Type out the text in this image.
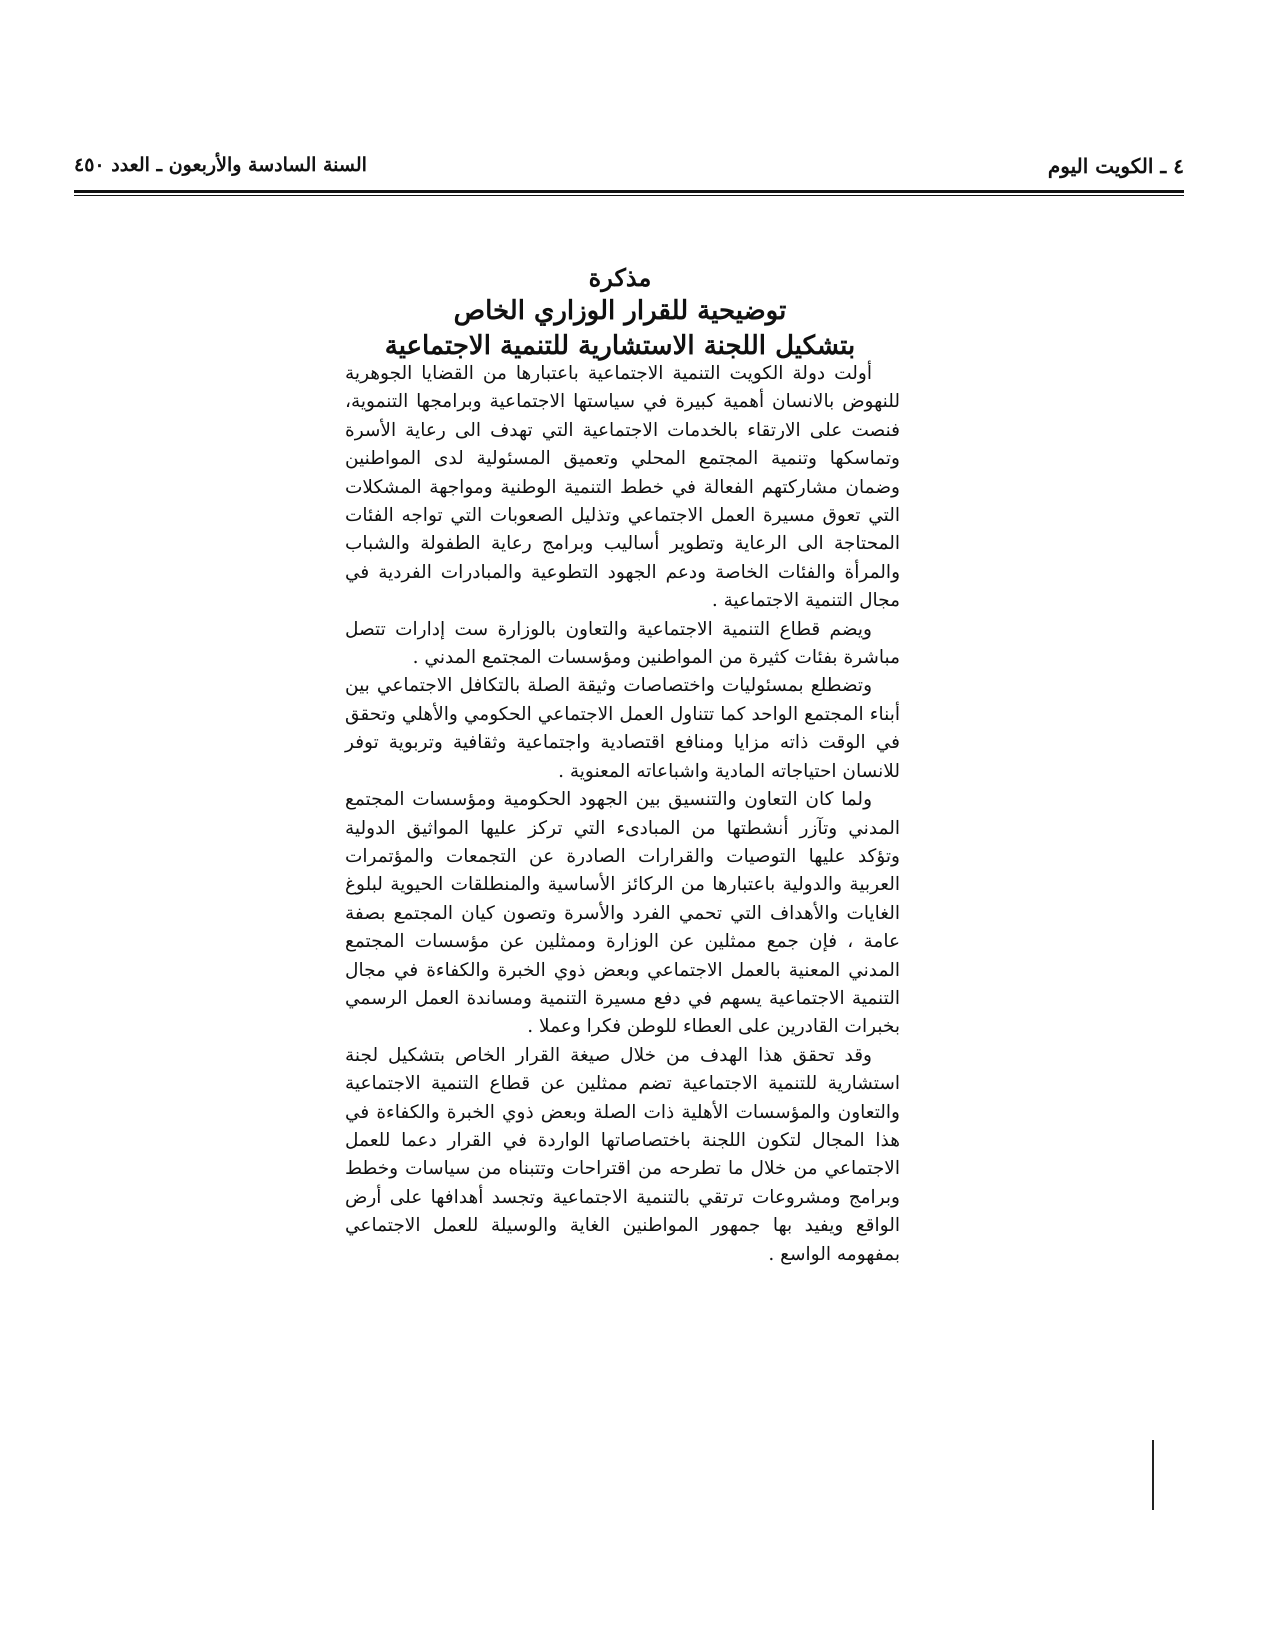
٤ ـ الكويت اليوم
السنة السادسة والأربعون ـ العدد ٤٥٠
مذكرة
توضيحية للقرار الوزاري الخاص
بتشكيل اللجنة الاستشارية للتنمية الاجتماعية

أولت دولة الكويت التنمية الاجتماعية باعتبارها من القضايا الجوهرية للنهوض بالانسان أهمية كبيرة في سياستها الاجتماعية وبرامجها التنموية، فنصت على الارتقاء بالخدمات الاجتماعية التي تهدف الى رعاية الأسرة وتماسكها وتنمية المجتمع المحلي وتعميق المسئولية لدى المواطنين وضمان مشاركتهم الفعالة في خطط التنمية الوطنية ومواجهة المشكلات التي تعوق مسيرة العمل الاجتماعي وتذليل الصعوبات التي تواجه الفئات المحتاجة الى الرعاية وتطوير أساليب وبرامج رعاية الطفولة والشباب والمرأة والفئات الخاصة ودعم الجهود التطوعية والمبادرات الفردية في مجال التنمية الاجتماعية .

ويضم قطاع التنمية الاجتماعية والتعاون بالوزارة ست إدارات تتصل مباشرة بفئات كثيرة من المواطنين ومؤسسات المجتمع المدني .

وتضطلع بمسئوليات واختصاصات وثيقة الصلة بالتكافل الاجتماعي بين أبناء المجتمع الواحد كما تتناول العمل الاجتماعي الحكومي والأهلي وتحقق في الوقت ذاته مزايا ومنافع اقتصادية واجتماعية وثقافية وتربوية توفر للانسان احتياجاته المادية واشباعاته المعنوية .

ولما كان التعاون والتنسيق بين الجهود الحكومية ومؤسسات المجتمع المدني وتآزر أنشطتها من المبادىء التي تركز عليها المواثيق الدولية وتؤكد عليها التوصيات والقرارات الصادرة عن التجمعات والمؤتمرات العربية والدولية باعتبارها من الركائز الأساسية والمنطلقات الحيوية لبلوغ الغايات والأهداف التي تحمي الفرد والأسرة وتصون كيان المجتمع بصفة عامة ، فإن جمع ممثلين عن الوزارة وممثلين عن مؤسسات المجتمع المدني المعنية بالعمل الاجتماعي وبعض ذوي الخبرة والكفاءة في مجال التنمية الاجتماعية يسهم في دفع مسيرة التنمية ومساندة العمل الرسمي بخبرات القادرين على العطاء للوطن فكرا وعملا .

وقد تحقق هذا الهدف من خلال صيغة القرار الخاص بتشكيل لجنة استشارية للتنمية الاجتماعية تضم ممثلين عن قطاع التنمية الاجتماعية والتعاون والمؤسسات الأهلية ذات الصلة وبعض ذوي الخبرة والكفاءة في هذا المجال لتكون اللجنة باختصاصاتها الواردة في القرار دعما للعمل الاجتماعي من خلال ما تطرحه من اقتراحات وتتبناه من سياسات وخطط وبرامج ومشروعات ترتقي بالتنمية الاجتماعية وتجسد أهدافها على أرض الواقع ويفيد بها جمهور المواطنين الغاية والوسيلة للعمل الاجتماعي بمفهومه الواسع .
